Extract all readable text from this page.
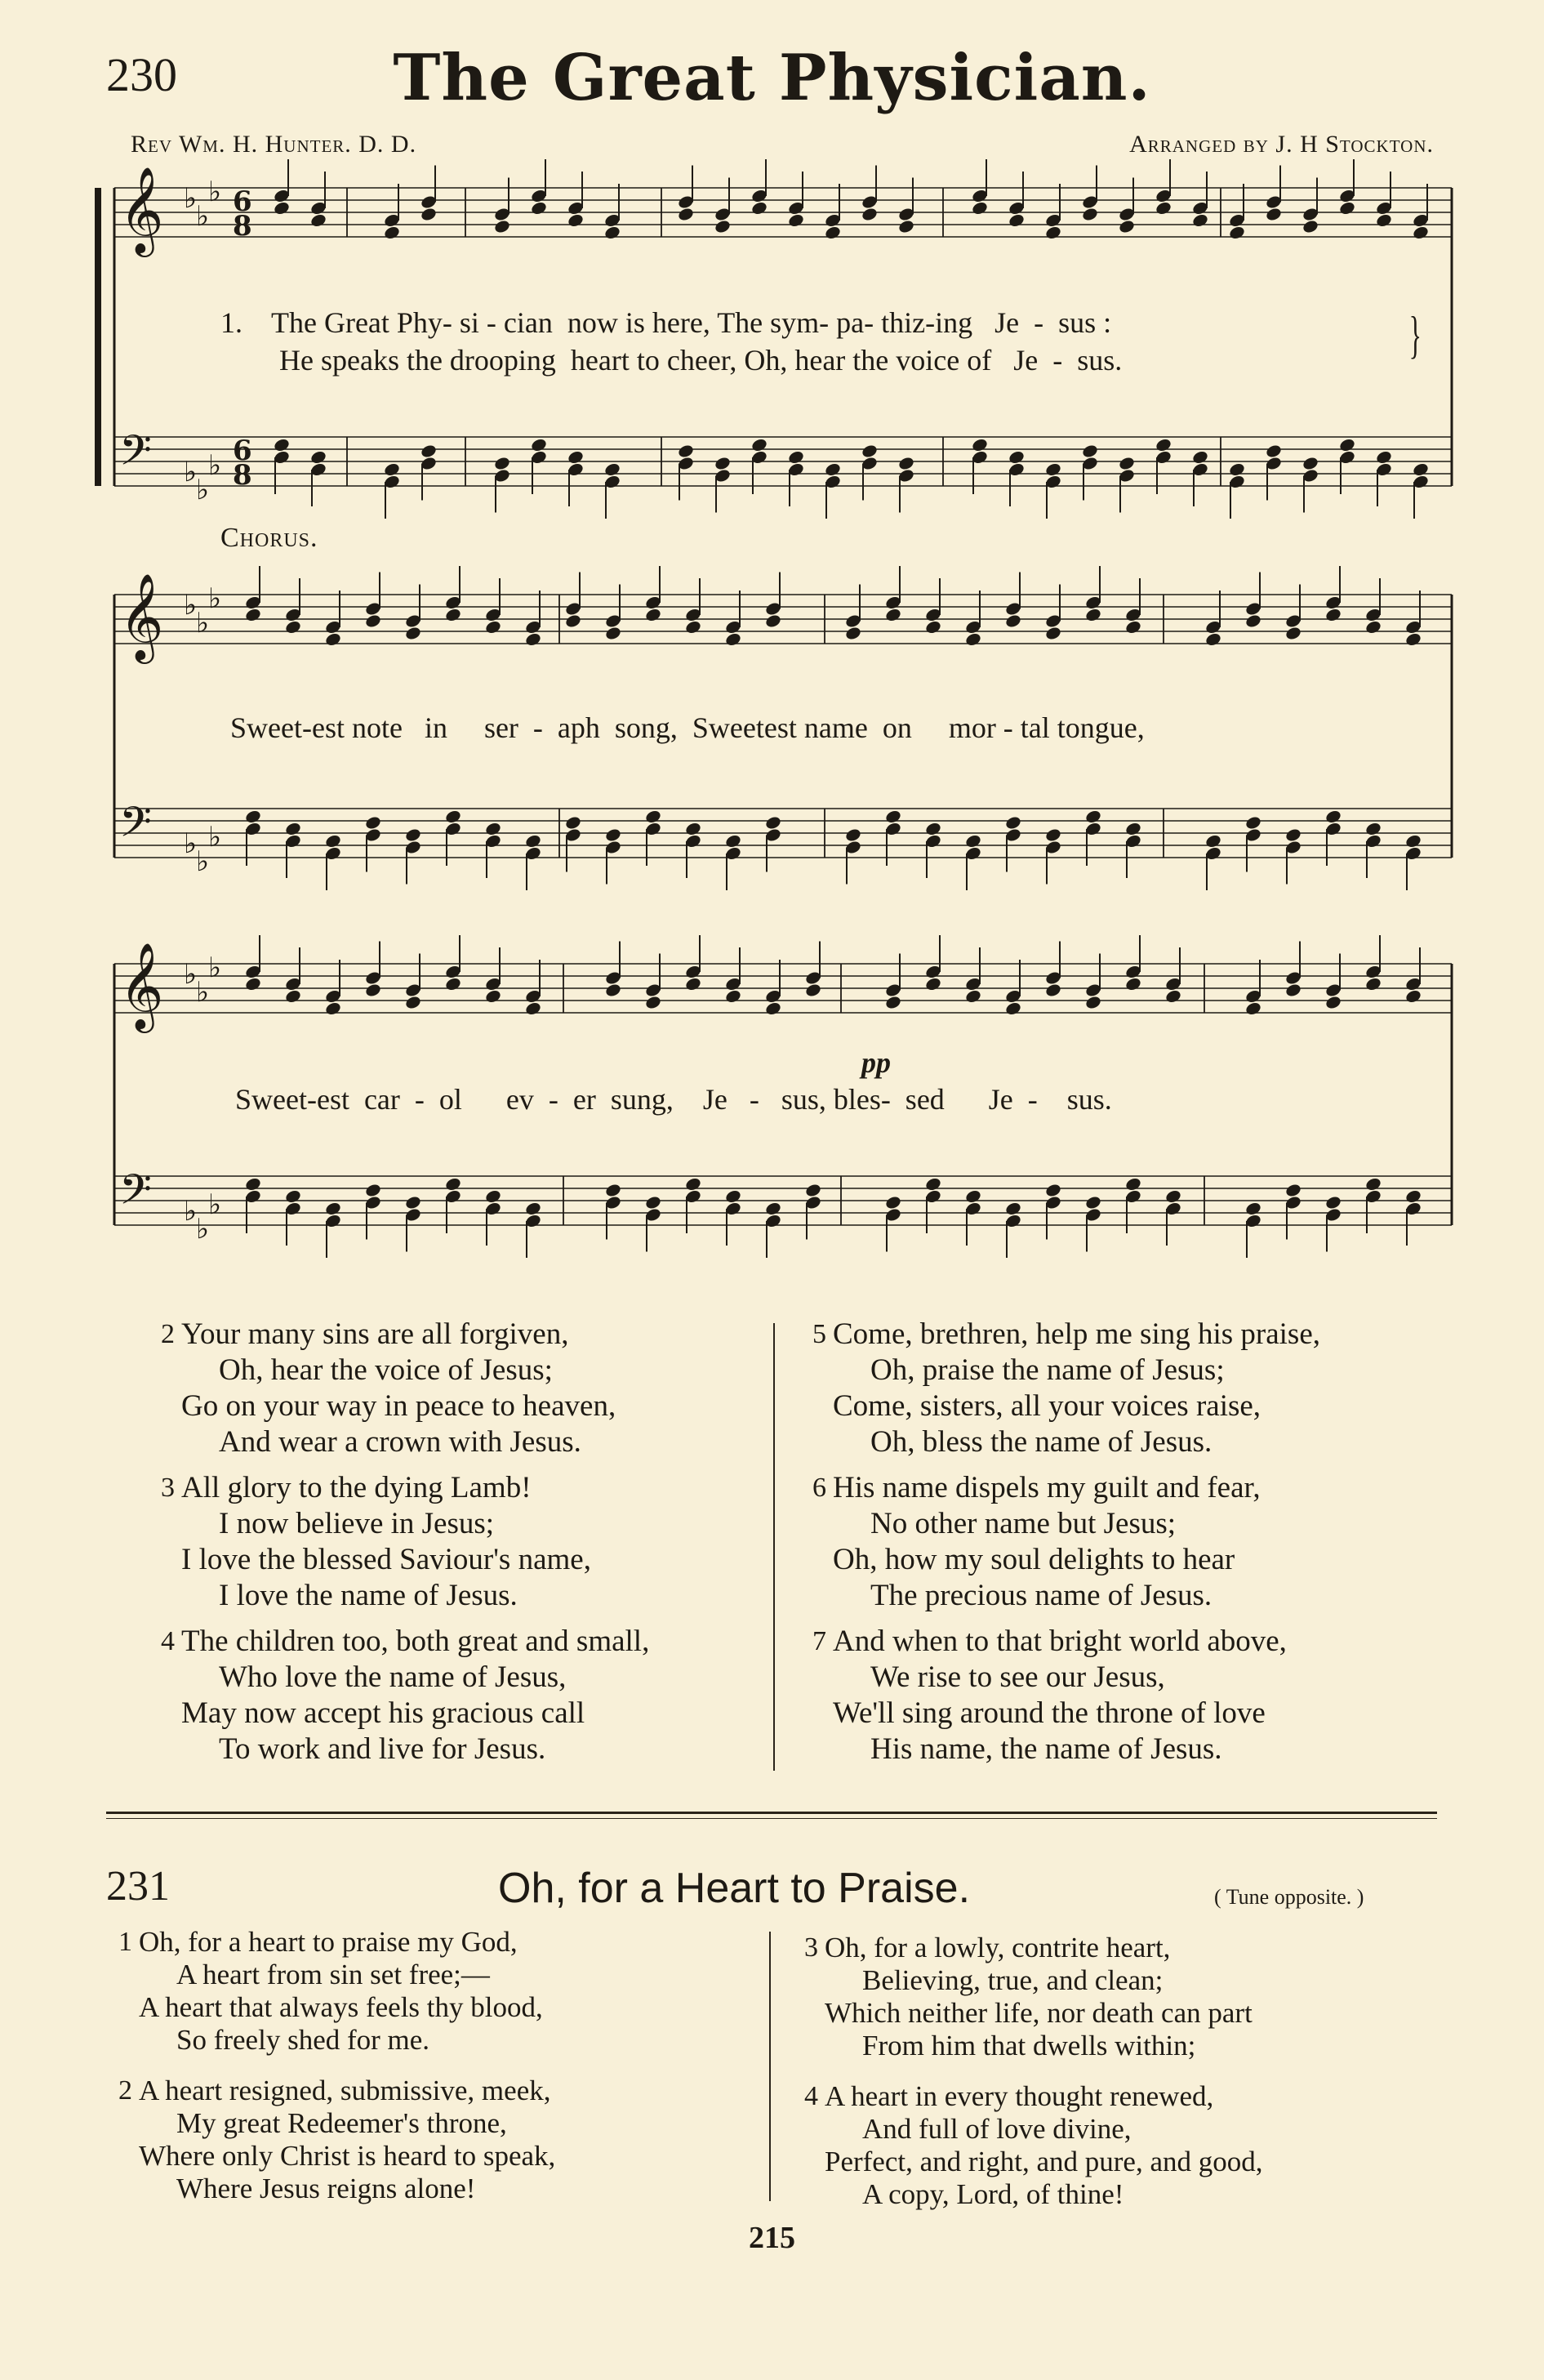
230	The Great Physician.
Rev Wm. H. Hunter. D. D.	Arranged by J. H Stockton.
𝄞 ♭
♭
♭ 6
8
𝄢 ♭
♭
♭ 6
8
𝄞 ♭
♭
♭
𝄢 ♭
♭
♭
𝄞 ♭
♭
♭
𝄢 ♭
♭
♭
1. The Great Phy- si - cian  now is here, The sym- pa- thiz-ing   Je  -  sus :
He speaks the drooping  heart to cheer, Oh, hear the voice of   Je  -  sus.	}
Chorus.
Sweet-est note   in     ser  -  aph  song,  Sweetest name  on     mor - tal tongue,
Sweet-est  car  -  ol      ev  -  er  sung,    Je   -   sus, bles-  sed      Je  -    sus.
pp
2 Your many sins are all forgiven,
Oh, hear the voice of Jesus;
Go on your way in peace to heaven,
And wear a crown with Jesus.
3 All glory to the dying Lamb!
I now believe in Jesus;
I love the blessed Saviour's name,
I love the name of Jesus.
4 The children too, both great and small,
Who love the name of Jesus,
May now accept his gracious call
To work and live for Jesus.
5 Come, brethren, help me sing his praise,
Oh, praise the name of Jesus;
Come, sisters, all your voices raise,
Oh, bless the name of Jesus.
6 His name dispels my guilt and fear,
No other name but Jesus;
Oh, how my soul delights to hear
The precious name of Jesus.
7 And when to that bright world above,
We rise to see our Jesus,
We'll sing around the throne of love
His name, the name of Jesus.
231	Oh, for a Heart to Praise.	( Tune opposite. )
1 Oh, for a heart to praise my God,
A heart from sin set free;—
A heart that always feels thy blood,
So freely shed for me.
2 A heart resigned, submissive, meek,
My great Redeemer's throne,
Where only Christ is heard to speak,
Where Jesus reigns alone!
3 Oh, for a lowly, contrite heart,
Believing, true, and clean;
Which neither life, nor death can part
From him that dwells within;
4 A heart in every thought renewed,
And full of love divine,
Perfect, and right, and pure, and good,
A copy, Lord, of thine!
215
